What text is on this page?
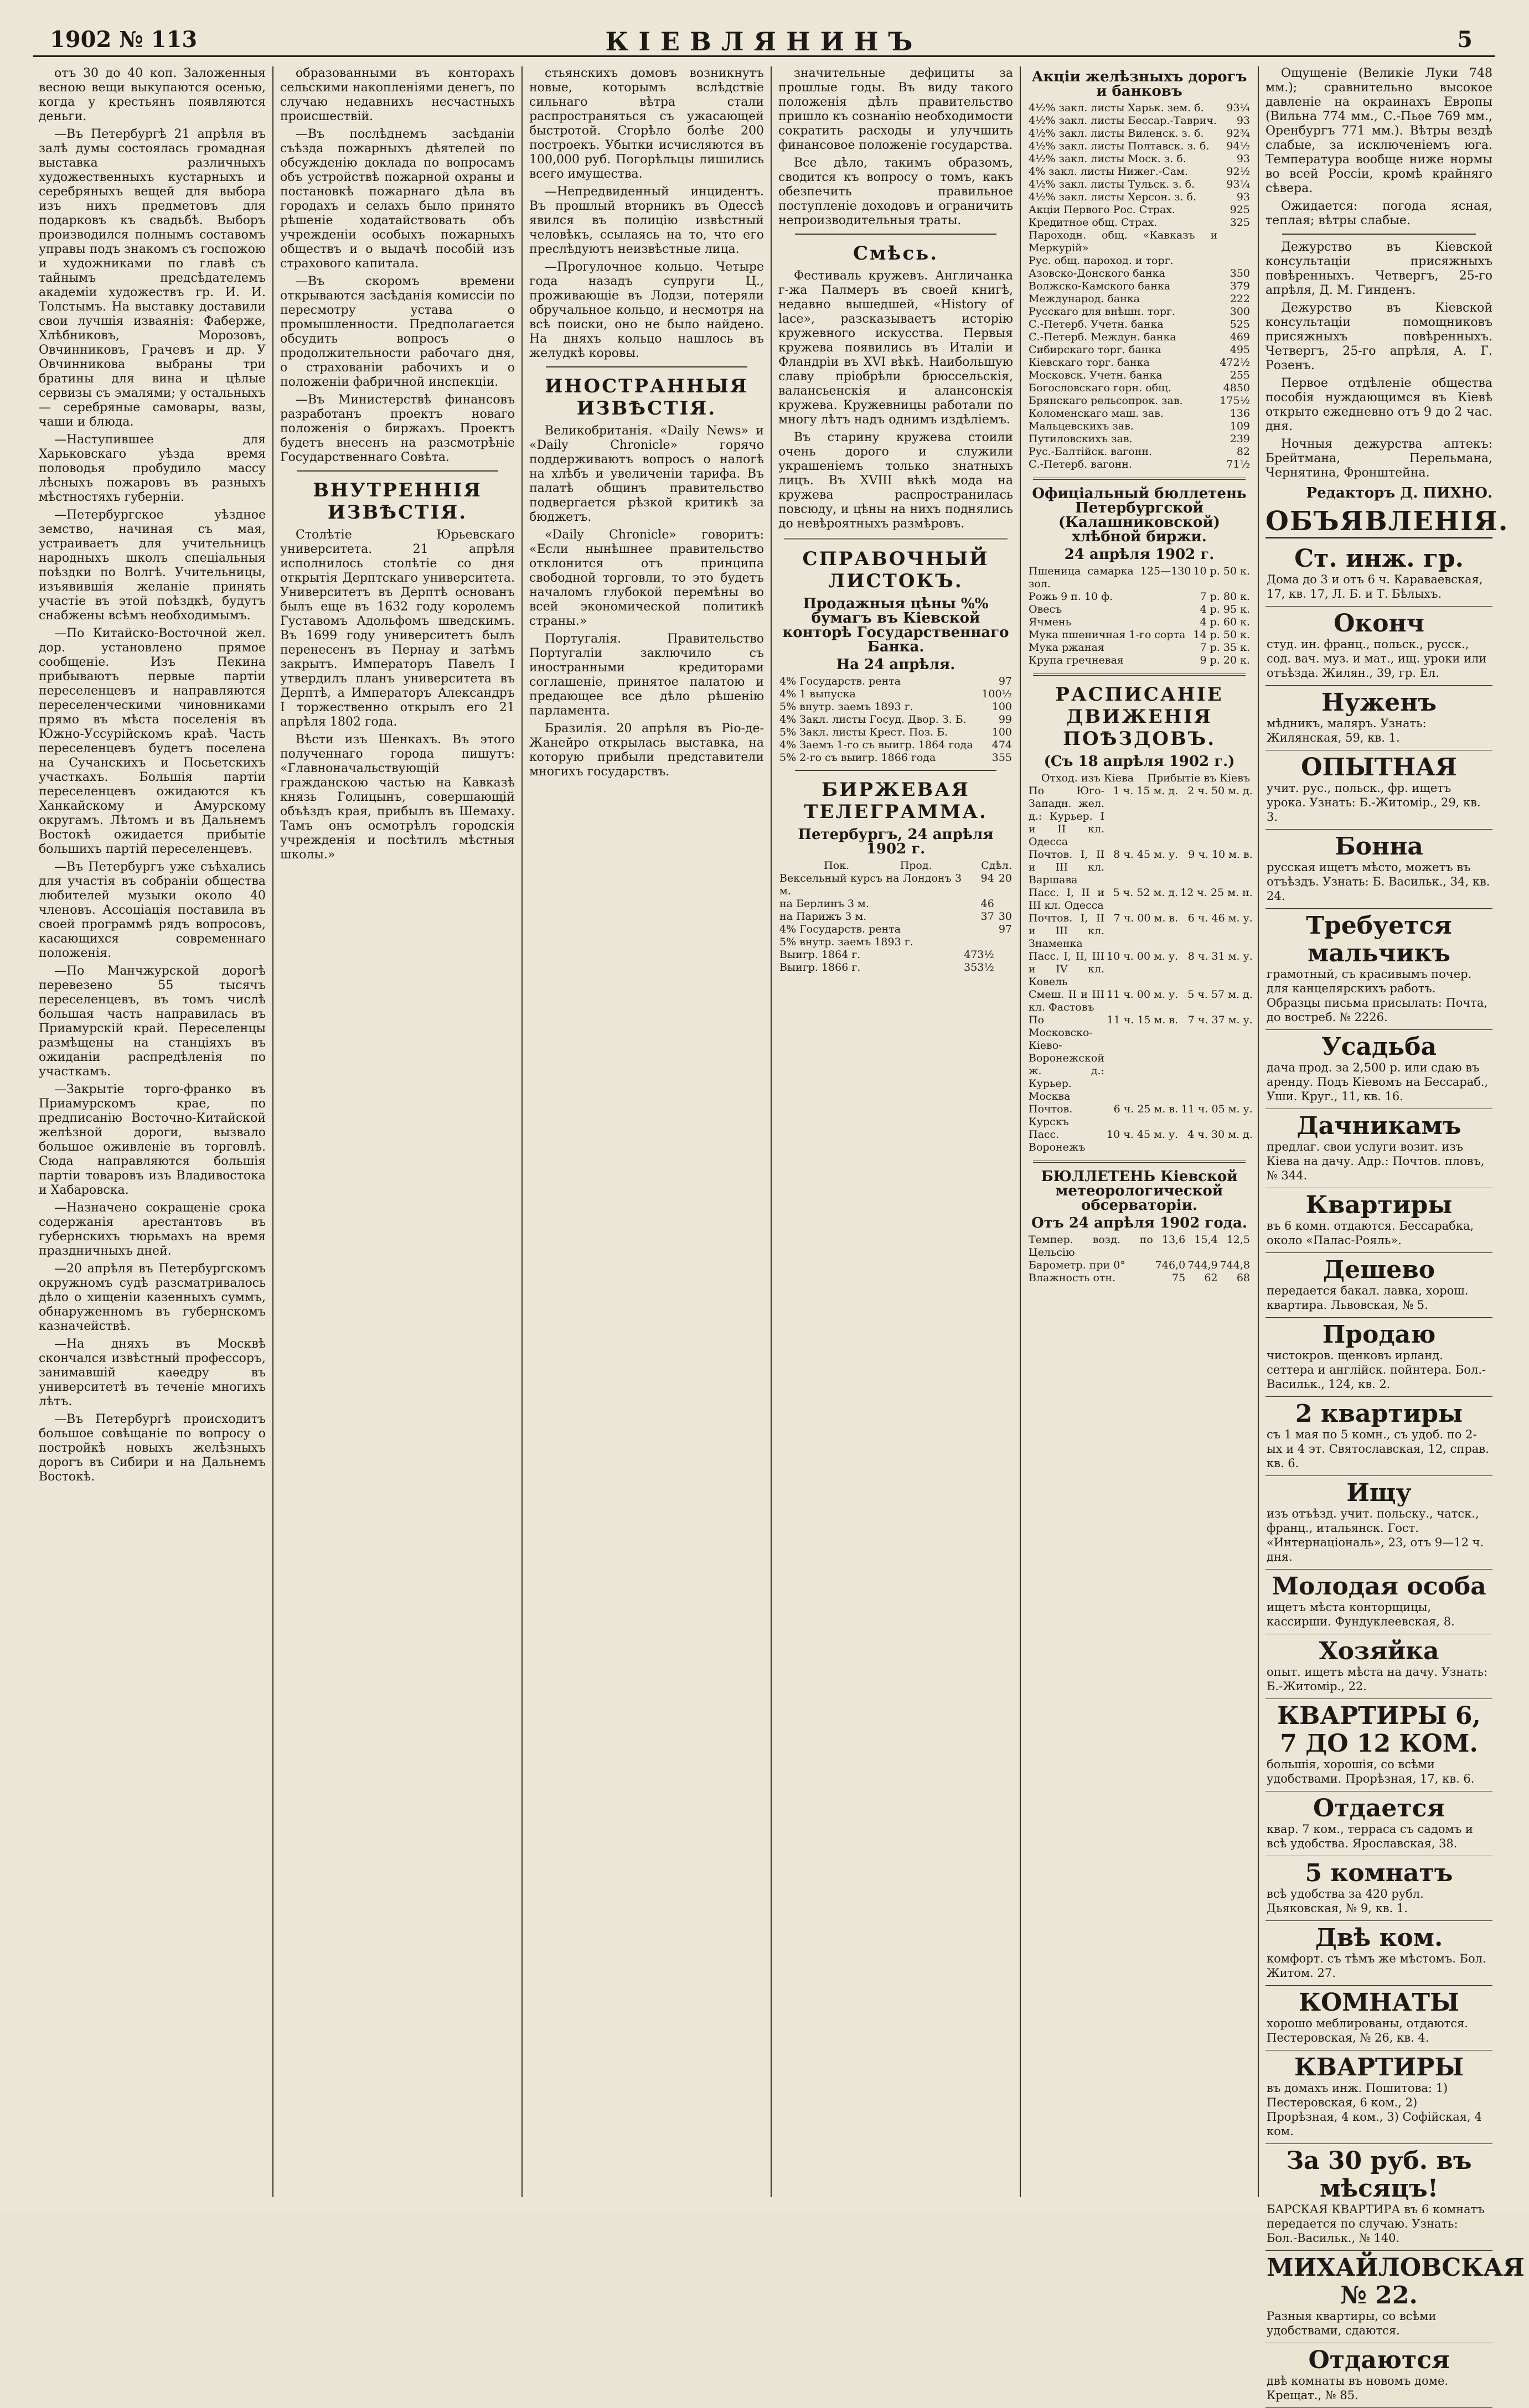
1902 № 113	КІЕВЛЯНИНЪ	5

отъ 30 до 40 коп. Заложенныя весною вещи выкупаются осенью, когда у крестьянъ появляются деньги.

—Въ Петербургѣ 21 апрѣля въ залѣ думы состоялась громадная выставка различныхъ художественныхъ кустарныхъ и серебряныхъ вещей для выбора изъ нихъ предметовъ для подарковъ къ свадьбѣ. Выборъ производился полнымъ составомъ управы подъ знакомъ съ госпожою и художниками по главѣ съ тайнымъ предсѣдателемъ академіи художествъ гр. И. И. Толстымъ. На выставку доставили свои лучшія изваянія: Фаберже, Хлѣбниковъ, Морозовъ, Овчинниковъ, Грачевъ и др. У Овчинникова выбраны три братины для вина и цѣлые сервизы съ эмалями; у остальныхъ — серебряные самовары, вазы, чаши и блюда.

—Наступившее для Харьковскаго уѣзда время половодья пробудило массу лѣсныхъ пожаровъ въ разныхъ мѣстностяхъ губерніи.

—Петербургское уѣздное земство, начиная съ мая, устраиваетъ для учительницъ народныхъ школъ спеціальныя поѣздки по Волгѣ. Учительницы, изъявившія желаніе принять участіе въ этой поѣздкѣ, будутъ снабжены всѣмъ необходимымъ.

—По Китайско-Восточной жел. дор. установлено прямое сообщеніе. Изъ Пекина прибываютъ первые партіи переселенцевъ и направляются переселенческими чиновниками прямо въ мѣста поселенія въ Южно-Уссурійскомъ краѣ. Часть переселенцевъ будетъ поселена на Сучанскихъ и Посьетскихъ участкахъ. Большія партіи переселенцевъ ожидаются къ Ханкайскому и Амурскому округамъ. Лѣтомъ и въ Дальнемъ Востокѣ ожидается прибытіе большихъ партій переселенцевъ.

—Въ Петербургъ уже съѣхались для участія въ собраніи общества любителей музыки около 40 членовъ. Ассоціація поставила въ своей программѣ рядъ вопросовъ, касающихся современнаго положенія.

—По Манчжурской дорогѣ перевезено 55 тысячъ переселенцевъ, въ томъ числѣ большая часть направилась въ Приамурскій край. Переселенцы размѣщены на станціяхъ въ ожиданіи распредѣленія по участкамъ.

—Закрытіе торго-франко въ Приамурскомъ крае, по предписанію Восточно-Китайской желѣзной дороги, вызвало большое оживленіе въ торговлѣ. Сюда направляются большія партіи товаровъ изъ Владивостока и Хабаровска.

—Назначено сокращеніе срока содержанія арестантовъ въ губернскихъ тюрьмахъ на время праздничныхъ дней.

—20 апрѣля въ Петербургскомъ окружномъ судѣ разсматривалось дѣло о хищеніи казенныхъ суммъ, обнаруженномъ въ губернскомъ казначействѣ.

—На дняхъ въ Москвѣ скончался извѣстный профессоръ, занимавшій каѳедру въ университетѣ въ теченіе многихъ лѣтъ.

—Въ Петербургѣ происходитъ большое совѣщаніе по вопросу о постройкѣ новыхъ желѣзныхъ дорогъ въ Сибири и на Дальнемъ Востокѣ.

образованными въ конторахъ сельскими накопленіями денегъ, по случаю недавнихъ несчастныхъ происшествій.

—Въ послѣднемъ засѣданіи съѣзда пожарныхъ дѣятелей по обсужденію доклада по вопросамъ объ устройствѣ пожарной охраны и постановкѣ пожарнаго дѣла въ городахъ и селахъ было принято рѣшеніе ходатайствовать объ учрежденіи особыхъ пожарныхъ обществъ и о выдачѣ пособій изъ страхового капитала.

—Въ скоромъ времени открываются засѣданія комиссіи по пересмотру устава о промышленности. Предполагается обсудить вопросъ о продолжительности рабочаго дня, о страхованіи рабочихъ и о положеніи фабричной инспекціи.

—Въ Министерствѣ финансовъ разработанъ проектъ новаго положенія о биржахъ. Проектъ будетъ внесенъ на разсмотрѣніе Государственнаго Совѣта.

ВНУТРЕННІЯ ИЗВѢСТІЯ.

Столѣтіе Юрьевскаго университета. 21 апрѣля исполнилось столѣтіе со дня открытія Дерптскаго университета. Университетъ въ Дерптѣ основанъ былъ еще въ 1632 году королемъ Густавомъ Адольфомъ шведскимъ. Въ 1699 году университетъ былъ перенесенъ въ Пернау и затѣмъ закрытъ. Императоръ Павелъ I утвердилъ планъ университета въ Дерптѣ, а Императоръ Александръ I торжественно открылъ его 21 апрѣля 1802 года.

Вѣсти изъ Шенкахъ. Въ этого полученнаго города пишутъ: «Главноначальствующій гражданскою частью на Кавказѣ князь Голицынъ, совершающій объѣздъ края, прибылъ въ Шемаху. Тамъ онъ осмотрѣлъ городскія учрежденія и посѣтилъ мѣстныя школы.»

стьянскихъ домовъ возникнутъ новые, которымъ вслѣдствіе сильнаго вѣтра стали распространяться съ ужасающей быстротой. Сгорѣло болѣе 200 построекъ. Убытки исчисляются въ 100,000 руб. Погорѣльцы лишились всего имущества.

—Непредвиденный инцидентъ. Въ прошлый вторникъ въ Одессѣ явился въ полицію извѣстный человѣкъ, ссылаясь на то, что его преслѣдуютъ неизвѣстные лица.

—Прогулочное кольцо. Четыре года назадъ супруги Ц., проживающіе въ Лодзи, потеряли обручальное кольцо, и несмотря на всѣ поиски, оно не было найдено. На дняхъ кольцо нашлось въ желудкѣ коровы.

ИНОСТРАННЫЯ ИЗВѢСТІЯ.

Великобританія. «Daily News» и «Daily Chronicle» горячо поддерживаютъ вопросъ о налогѣ на хлѣбъ и увеличеніи тарифа. Въ палатѣ общинъ правительство подвергается рѣзкой критикѣ за бюджетъ.

«Daily Chronicle» говоритъ: «Если нынѣшнее правительство отклонится отъ принципа свободной торговли, то это будетъ началомъ глубокой перемѣны во всей экономической политикѣ страны.»

Португалія. Правительство Португаліи заключило съ иностранными кредиторами соглашеніе, принятое палатою и предающее все дѣло рѣшенію парламента.

Бразилія. 20 апрѣля въ Рiо-де-Жанейро открылась выставка, на которую прибыли представители многихъ государствъ.

значительные дефициты за прошлые годы. Въ виду такого положенія дѣлъ правительство пришло къ сознанію необходимости сократить расходы и улучшить финансовое положеніе государства.

Все дѣло, такимъ образомъ, сводится къ вопросу о томъ, какъ обезпечить правильное поступленіе доходовъ и ограничить непроизводительныя траты.

Смѣсь.

Фестиваль кружевъ. Англичанка г-жа Палмеръ въ своей книгѣ, недавно вышедшей, «History of lace», разсказываетъ исторію кружевного искусства. Первыя кружева появились въ Италіи и Фландріи въ XVI вѣкѣ. Наибольшую славу пріобрѣли брюссельскія, валансьенскія и алансонскія кружева. Кружевницы работали по многу лѣтъ надъ однимъ издѣліемъ.

Въ старину кружева стоили очень дорого и служили украшеніемъ только знатныхъ лицъ. Въ XVIII вѣкѣ мода на кружева распространилась повсюду, и цѣны на нихъ поднялись до невѣроятныхъ размѣровъ.

СПРАВОЧНЫЙ ЛИСТОКЪ.
Продажныя цѣны %% бумагъ въ Кіевской конторѣ Государственнаго Банка.
На 24 апрѣля.
4% Государств. рента	97
4% 1 выпуска	100½
5% внутр. заемъ 1893 г.	100
4% Закл. листы Госуд. Двор. З. Б.	99
5% Закл. листы Крест. Поз. Б.	100
4% Заемъ 1-го съ выигр. 1864 года	474
5% 2-го съ выигр. 1866 года	355
БИРЖЕВАЯ ТЕЛЕГРАММА.
Петербургъ, 24 апрѣля 1902 г.
	Пок.	Прод.	Сдѣл.
Вексельный курсъ на Лондонъ 3 м.	94		20
на Берлинъ 3 м.	46		
на Парижъ 3 м.	37		30
4% Государств. рента			97
5% внутр. заемъ 1893 г.			
Выигр. 1864 г.	473½		
Выигр. 1866 г.	353½		
Акціи желѣзныхъ дорогъ и банковъ
4½% закл. листы Харьк. зем. б.	93¼
4½% закл. листы Бессар.-Таврич.	93
4½% закл. листы Виленск. з. б.	92¾
4½% закл. листы Полтавск. з. б.	94½
4½% закл. листы Моск. з. б.	93
4% закл. листы Нижег.-Сам.	92½
4½% закл. листы Тульск. з. б.	93¼
4½% закл. листы Херсон. з. б.	93
Акціи Первого Рос. Страх.	925
Кредитное общ. Страх.	325
Пароходн. общ. «Кавказъ и Меркурій»	
Рус. общ. пароход. и торг.	
Азовско-Донского банка	350
Волжско-Камского банка	379
Международ. банка	222
Русскаго для внѣшн. торг.	300
С.-Петерб. Учетн. банка	525
С.-Петерб. Междун. банка	469
Сибирскаго торг. банка	495
Кіевскаго торг. банка	472½
Московск. Учетн. банка	255
Богословскаго горн. общ.	4850
Брянскаго рельсопрок. зав.	175½
Коломенскаго маш. зав.	136
Мальцевскихъ зав.	109
Путиловскихъ зав.	239
Рус.-Балтійск. вагонн.	82
С.-Петерб. вагонн.	71½
Офиціальный бюллетень Петербургской (Калашниковской) хлѣбной биржи.
24 апрѣля 1902 г.
Пшеница самарка 125—130 зол.	10 р. 50 к.
Рожь 9 п. 10 ф.	7 р. 80 к.
Овесъ	4 р. 95 к.
Ячмень	4 р. 60 к.
Мука пшеничная 1-го сорта	14 р. 50 к.
Мука ржаная	7 р. 35 к.
Крупа гречневая	9 р. 20 к.
РАСПИСАНІЕ ДВИЖЕНІЯ ПОѢЗДОВЪ.
(Съ 18 апрѣля 1902 г.)
	Отход. изъ Кіева	Прибытіе въ Кіевъ
По Юго-Западн. жел. д.: Курьер. I и II кл. Одесса	1 ч. 15 м. д.	2 ч. 50 м. д.
Почтов. I, II и III кл. Варшава	8 ч. 45 м. у.	9 ч. 10 м. в.
Пасс. I, II и III кл. Одесса	5 ч. 52 м. д.	12 ч. 25 м. н.
Почтов. I, II и III кл. Знаменка	7 ч. 00 м. в.	6 ч. 46 м. у.
Пасс. I, II, III и IV кл. Ковель	10 ч. 00 м. у.	8 ч. 31 м. у.
Смеш. II и III кл. Фастовъ	11 ч. 00 м. у.	5 ч. 57 м. д.
По Московско-Кіево-Воронежской ж. д.: Курьер. Москва	11 ч. 15 м. в.	7 ч. 37 м. у.
Почтов. Курскъ	6 ч. 25 м. в.	11 ч. 05 м. у.
Пасс. Воронежъ	10 ч. 45 м. у.	4 ч. 30 м. д.
БЮЛЛЕТЕНЬ Кіевской метеорологической обсерваторіи.
Отъ 24 апрѣля 1902 года.
Темпер. возд. по Цельсію	13,6	15,4	12,5
Барометр. при 0°	746,0	744,9	744,8
Влажность отн.	75	62	68

Ощущеніе (Великіе Луки 748 мм.); сравнительно высокое давленіе на окраинахъ Европы (Вильна 774 мм., С.-Пьѳе 769 мм., Оренбургъ 771 мм.). Вѣтры вездѣ слабые, за исключеніемъ юга. Температура вообще ниже нормы во всей Россіи, кромѣ крайняго сѣвера.

Ожидается: погода ясная, теплая; вѣтры слабые.

Дежурство въ Кіевской консультаціи присяжныхъ повѣренныхъ. Четвергъ, 25-го апрѣля, Д. М. Гинденъ.

Дежурство въ Кіевской консультаціи помощниковъ присяжныхъ повѣренныхъ. Четвергъ, 25-го апрѣля, А. Г. Розенъ.

Первое отдѣленіе общества пособія нуждающимся въ Кіевѣ открыто ежедневно отъ 9 до 2 час. дня.

Ночныя дежурства аптекъ: Брейтмана, Перельмана, Чернятина, Фронштейна.

Редакторъ Д. ПИХНО.
ОБЪЯВЛЕНІЯ.
Ст. инж. гр.
Дома до 3 и отъ 6 ч. Караваевская, 17, кв. 17, Л. Б. и Т. Бѣлыхъ.
Оконч
студ. ин. франц., польск., русск., сод. вач. муз. и мат., ищ. уроки или отъѣзда. Жилян., 39, гр. Ел.
Нуженъ
мѣдникъ, маляръ. Узнать: Жилянская, 59, кв. 1.
ОПЫТНАЯ
учит. рус., польск., фр. ищетъ урока. Узнать: Б.-Житомір., 29, кв. 3.
Бонна
русская ищетъ мѣсто, можетъ въ отъѣздъ. Узнать: Б. Васильк., 34, кв. 24.
Требуется мальчикъ
грамотный, съ красивымъ почер. для канцелярскихъ работъ. Образцы письма присылать: Почта, до востреб. № 2226.
Усадьба
дача прод. за 2,500 р. или сдаю въ аренду. Подъ Кіевомъ на Бессараб., Уши. Круг., 11, кв. 16.
Дачникамъ
предлаг. свои услуги возит. изъ Кіева на дачу. Адр.: Почтов. пловъ, № 344.
Квартиры
въ 6 комн. отдаются. Бессарабка, около «Палас-Рояль».
Дешево
передается бакал. лавка, хорош. квартира. Львовская, № 5.
Продаю
чистокров. щенковъ ирланд. сеттера и англійск. пойнтера. Бол.-Васильк., 124, кв. 2.
2 квартиры
съ 1 мая по 5 комн., съ удоб. по 2-ых и 4 эт. Святославская, 12, справ. кв. 6.
Ищу
изъ отъѣзд. учит. польску., чатск., франц., итальянск. Гост. «Интернаціональ», 23, отъ 9—12 ч. дня.
Молодая особа
ищетъ мѣста конторщицы, кассирши. Фундуклеевская, 8.
Хозяйка
опыт. ищетъ мѣста на дачу. Узнать: Б.-Житомір., 22.
КВАРТИРЫ 6, 7 ДО 12 КОМ.
большія, хорошія, со всѣми удобствами. Прорѣзная, 17, кв. 6.
Отдается
квар. 7 ком., терраса съ садомъ и всѣ удобства. Ярославская, 38.
5 комнатъ
всѣ удобства за 420 рубл. Дьяковская, № 9, кв. 1.
Двѣ ком.
комфорт. съ тѣмъ же мѣстомъ. Бол. Житом. 27.
КОМНАТЫ
хорошо меблированы, отдаются. Пестеровская, № 26, кв. 4.
КВАРТИРЫ
въ домахъ инж. Пошитова: 1) Пестеровская, 6 ком., 2) Прорѣзная, 4 ком., 3) Софійская, 4 ком.
За 30 руб. въ мѣсяцъ!
БАРСКАЯ КВАРТИРА въ 6 комнатъ передается по случаю. Узнать: Бол.-Васильк., № 140.
МИХАЙЛОВСКАЯ № 22.
Разныя квартиры, со всѣми удобствами, сдаются.
Отдаются
двѣ комнаты въ новомъ доме. Крещат., № 85.
